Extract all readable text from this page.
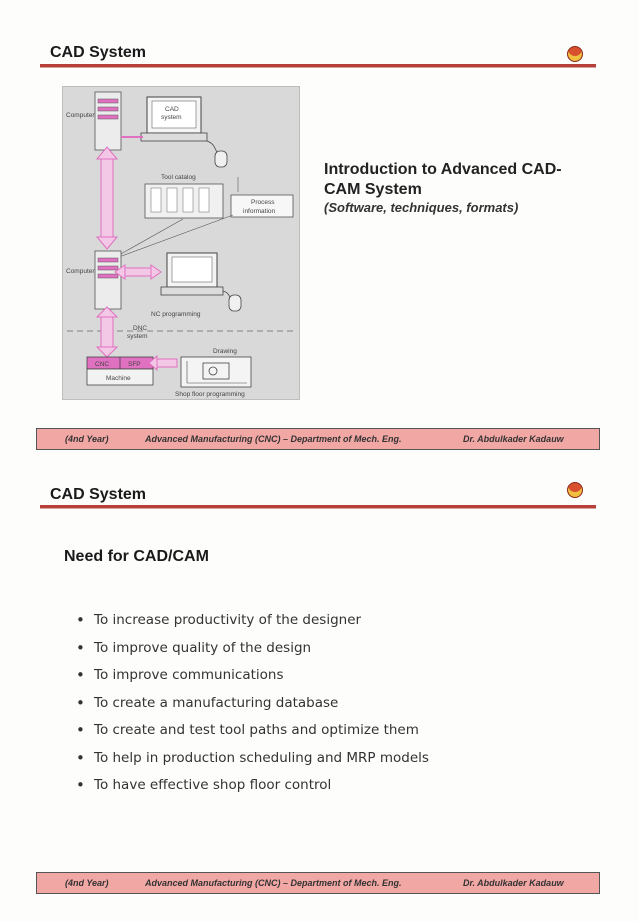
CAD System
Computer
CAD
system
Tool catalog
Process
information
Computer
NC programming
DNC
system
CNC	SFP
Machine
Drawing
Shop floor programming
Introduction to Advanced CAD-
CAM System
(Software, techniques, formats)
(4nd Year)	Advanced Manufacturing (CNC) – Department of Mech. Eng.	Dr. Abdulkader Kadauw
CAD System
Need for CAD/CAM
• To increase productivity of the designer
• To improve quality of the design
• To improve communications
• To create a manufacturing database
• To create and test tool paths and optimize them
• To help in production scheduling and MRP models
• To have effective shop floor control
(4nd Year)	Advanced Manufacturing (CNC) – Department of Mech. Eng.	Dr. Abdulkader Kadauw
